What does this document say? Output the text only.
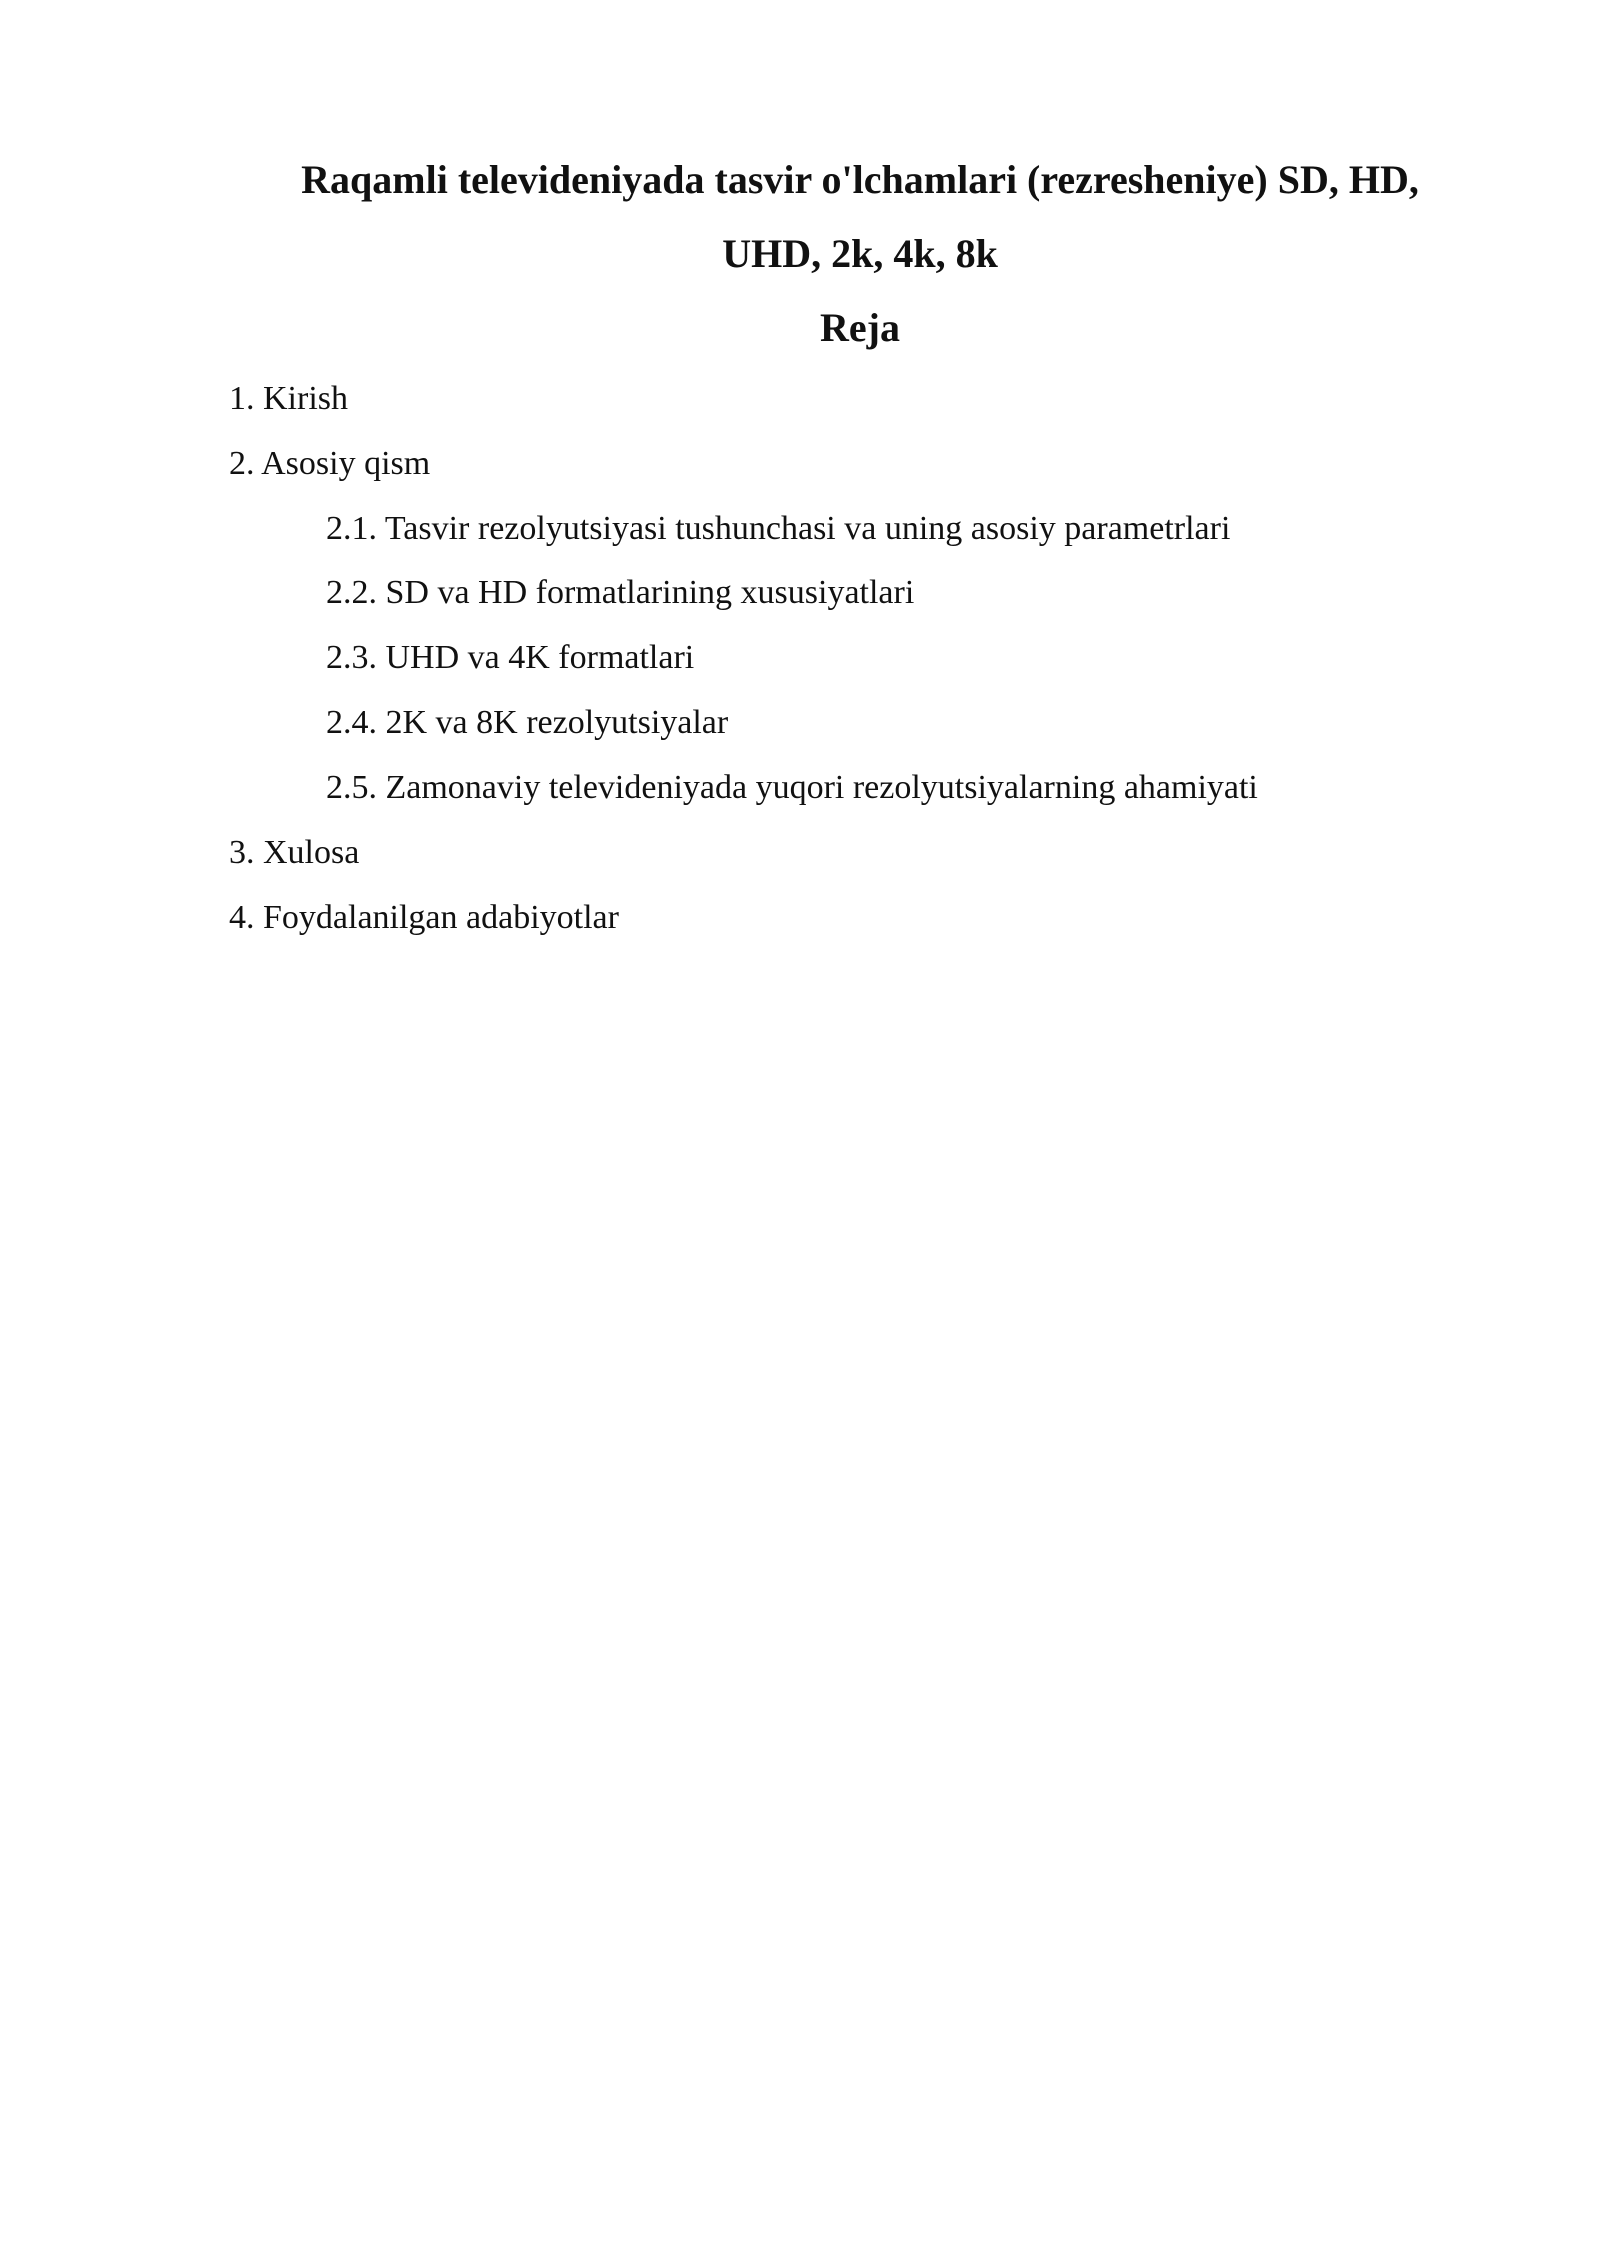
Raqamli televideniyada tasvir o'lchamlari (rezresheniye) SD, HD,
UHD, 2k, 4k, 8k
Reja
1. Kirish
2. Asosiy qism
2.1. Tasvir rezolyutsiyasi tushunchasi va uning asosiy parametrlari
2.2. SD va HD formatlarining xususiyatlari
2.3. UHD va 4K formatlari
2.4. 2K va 8K rezolyutsiyalar
2.5. Zamonaviy televideniyada yuqori rezolyutsiyalarning ahamiyati
3. Xulosa
4. Foydalanilgan adabiyotlar
